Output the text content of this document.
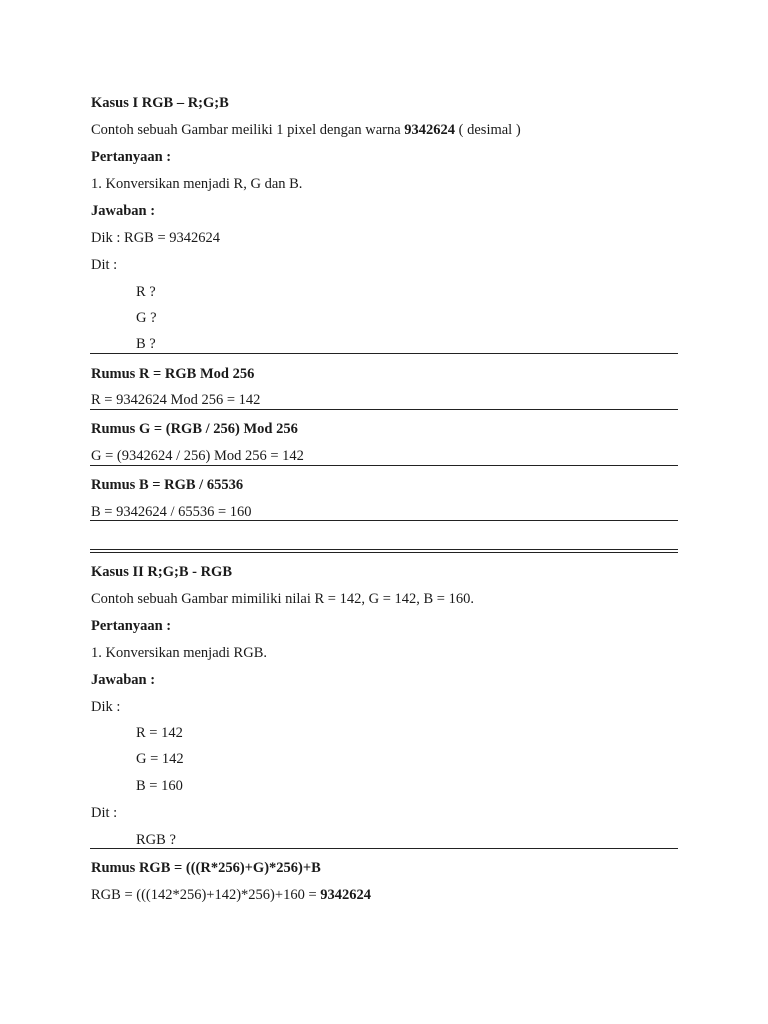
Kasus I RGB – R;G;B
Contoh sebuah Gambar meiliki 1 pixel dengan warna 9342624 ( desimal )
Pertanyaan :
1. Konversikan menjadi R, G dan B.
Jawaban :
Dik : RGB = 9342624
Dit :
R ?
G ?
B ?
Rumus R = RGB Mod 256
R = 9342624 Mod 256 = 142
Rumus G = (RGB / 256) Mod 256
G = (9342624 / 256) Mod 256 = 142
Rumus B = RGB / 65536
B = 9342624 / 65536 = 160
Kasus II R;G;B - RGB
Contoh sebuah Gambar mimiliki nilai R = 142, G = 142, B = 160.
Pertanyaan :
1. Konversikan menjadi RGB.
Jawaban :
Dik :
R = 142
G = 142
B = 160
Dit :
RGB ?
Rumus RGB = (((R*256)+G)*256)+B
RGB = (((142*256)+142)*256)+160 = 9342624
